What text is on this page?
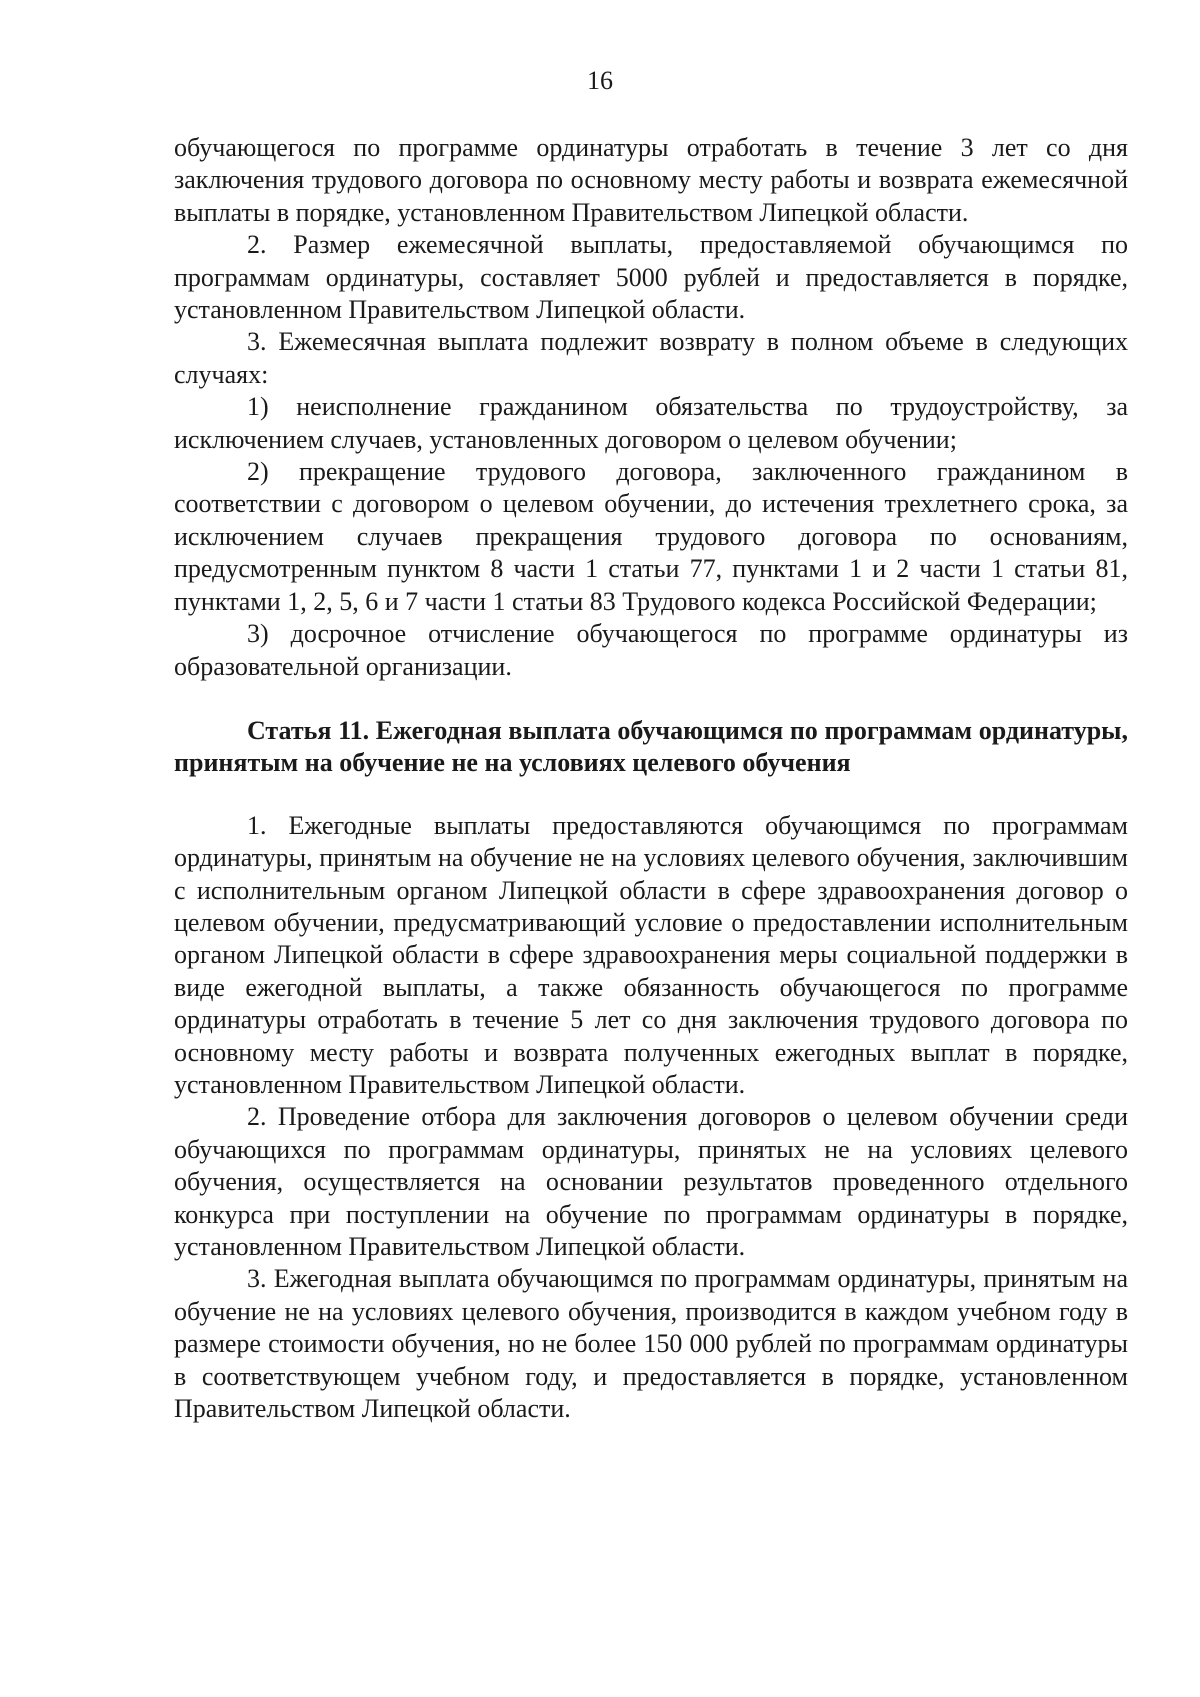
16

обучающегося по программе ординатуры отработать в течение 3 лет со дня заключения трудового договора по основному месту работы и возврата ежемесячной выплаты в порядке, установленном Правительством Липецкой области.

2. Размер ежемесячной выплаты, предоставляемой обучающимся по программам ординатуры, составляет 5000 рублей и предоставляется в порядке, установленном Правительством Липецкой области.

3. Ежемесячная выплата подлежит возврату в полном объеме в следующих случаях:

1) неисполнение гражданином обязательства по трудоустройству, за исключением случаев, установленных договором о целевом обучении;

2) прекращение трудового договора, заключенного гражданином в соответствии с договором о целевом обучении, до истечения трехлетнего срока, за исключением случаев прекращения трудового договора по основаниям, предусмотренным пунктом 8 части 1 статьи 77, пунктами 1 и 2 части 1 статьи 81, пунктами 1, 2, 5, 6 и 7 части 1 статьи 83 Трудового кодекса Российской Федерации;

3) досрочное отчисление обучающегося по программе ординатуры из образовательной организации.

Статья 11. Ежегодная выплата обучающимся по программам ординатуры, принятым на обучение не на условиях целевого обучения

1. Ежегодные выплаты предоставляются обучающимся по программам ординатуры, принятым на обучение не на условиях целевого обучения, заключившим с исполнительным органом Липецкой области в сфере здравоохранения договор о целевом обучении, предусматривающий условие о предоставлении исполнительным органом Липецкой области в сфере здравоохранения меры социальной поддержки в виде ежегодной выплаты, а также обязанность обучающегося по программе ординатуры отработать в течение 5 лет со дня заключения трудового договора по основному месту работы и возврата полученных ежегодных выплат в порядке, установленном Правительством Липецкой области.

2. Проведение отбора для заключения договоров о целевом обучении среди обучающихся по программам ординатуры, принятых не на условиях целевого обучения, осуществляется на основании результатов проведенного отдельного конкурса при поступлении на обучение по программам ординатуры в порядке, установленном Правительством Липецкой области.

3. Ежегодная выплата обучающимся по программам ординатуры, принятым на обучение не на условиях целевого обучения, производится в каждом учебном году в размере стоимости обучения, но не более 150 000 рублей по программам ординатуры в соответствующем учебном году, и предоставляется в порядке, установленном Правительством Липецкой области.
